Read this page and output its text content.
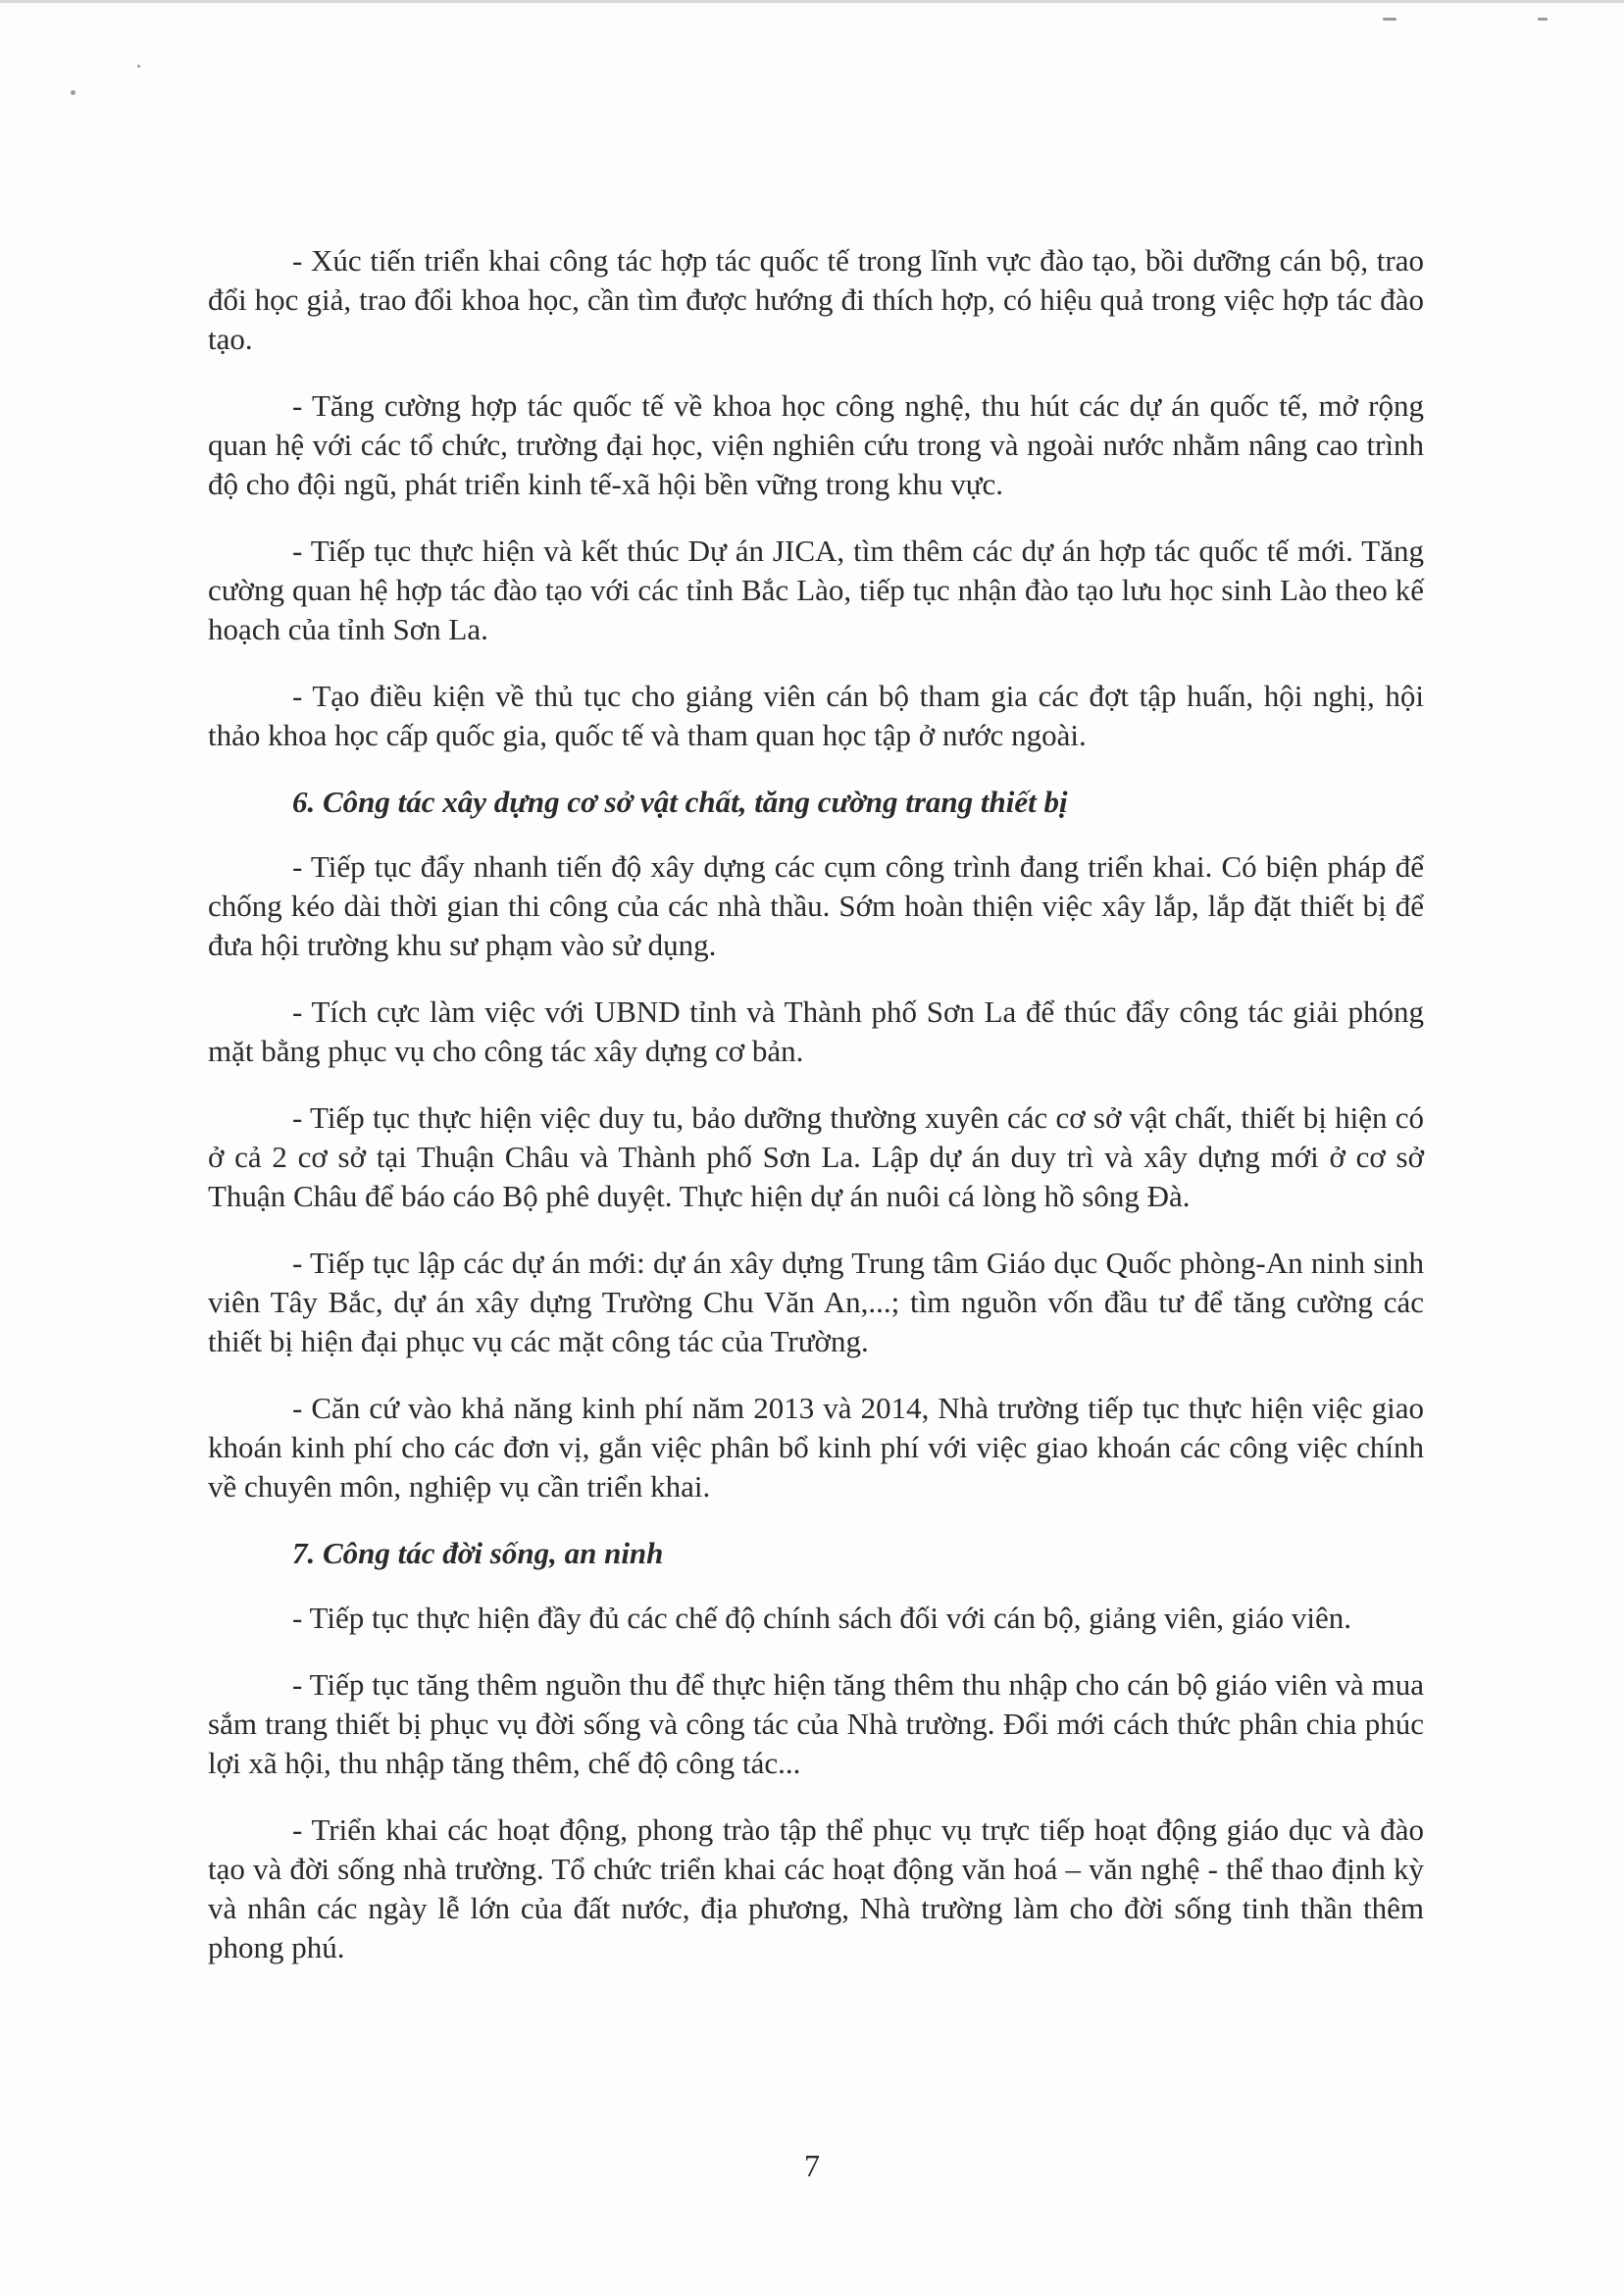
- Xúc tiến triển khai công tác hợp tác quốc tế trong lĩnh vực đào tạo, bồi dưỡng cán bộ, trao đổi học giả, trao đổi khoa học, cần tìm được hướng đi thích hợp, có hiệu quả trong việc hợp tác đào tạo.

- Tăng cường hợp tác quốc tế về khoa học công nghệ, thu hút các dự án quốc tế, mở rộng quan hệ với các tổ chức, trường đại học, viện nghiên cứu trong và ngoài nước nhằm nâng cao trình độ cho đội ngũ, phát triển kinh tế-xã hội bền vững trong khu vực.

- Tiếp tục thực hiện và kết thúc Dự án JICA, tìm thêm các dự án hợp tác quốc tế mới. Tăng cường quan hệ hợp tác đào tạo với các tỉnh Bắc Lào, tiếp tục nhận đào tạo lưu học sinh Lào theo kế hoạch của tỉnh Sơn La.

- Tạo điều kiện về thủ tục cho giảng viên cán bộ tham gia các đợt tập huấn, hội nghị, hội thảo khoa học cấp quốc gia, quốc tế và tham quan học tập ở nước ngoài.

6. Công tác xây dựng cơ sở vật chất, tăng cường trang thiết bị

- Tiếp tục đẩy nhanh tiến độ xây dựng các cụm công trình đang triển khai. Có biện pháp để chống kéo dài thời gian thi công của các nhà thầu. Sớm hoàn thiện việc xây lắp, lắp đặt thiết bị để đưa hội trường khu sư phạm vào sử dụng.

- Tích cực làm việc với UBND tỉnh và Thành phố Sơn La để thúc đẩy công tác giải phóng mặt bằng phục vụ cho công tác xây dựng cơ bản.

- Tiếp tục thực hiện việc duy tu, bảo dưỡng thường xuyên các cơ sở vật chất, thiết bị hiện có ở cả 2 cơ sở tại Thuận Châu và Thành phố Sơn La. Lập dự án duy trì và xây dựng mới ở cơ sở Thuận Châu để báo cáo Bộ phê duyệt. Thực hiện dự án nuôi cá lòng hồ sông Đà.

- Tiếp tục lập các dự án mới: dự án xây dựng Trung tâm Giáo dục Quốc phòng-An ninh sinh viên Tây Bắc, dự án xây dựng Trường Chu Văn An,...; tìm nguồn vốn đầu tư để tăng cường các thiết bị hiện đại phục vụ các mặt công tác của Trường.

- Căn cứ vào khả năng kinh phí năm 2013 và 2014, Nhà trường tiếp tục thực hiện việc giao khoán kinh phí cho các đơn vị, gắn việc phân bổ kinh phí với việc giao khoán các công việc chính về chuyên môn, nghiệp vụ cần triển khai.

7. Công tác đời sống, an ninh

- Tiếp tục thực hiện đầy đủ các chế độ chính sách đối với cán bộ, giảng viên, giáo viên.

- Tiếp tục tăng thêm nguồn thu để thực hiện tăng thêm thu nhập cho cán bộ giáo viên và mua sắm trang thiết bị phục vụ đời sống và công tác của Nhà trường. Đổi mới cách thức phân chia phúc lợi xã hội, thu nhập tăng thêm, chế độ công tác...

- Triển khai các hoạt động, phong trào tập thể phục vụ trực tiếp hoạt động giáo dục và đào tạo và đời sống nhà trường. Tổ chức triển khai các hoạt động văn hoá – văn nghệ - thể thao định kỳ và nhân các ngày lễ lớn của đất nước, địa phương, Nhà trường làm cho đời sống tinh thần thêm phong phú.

7
